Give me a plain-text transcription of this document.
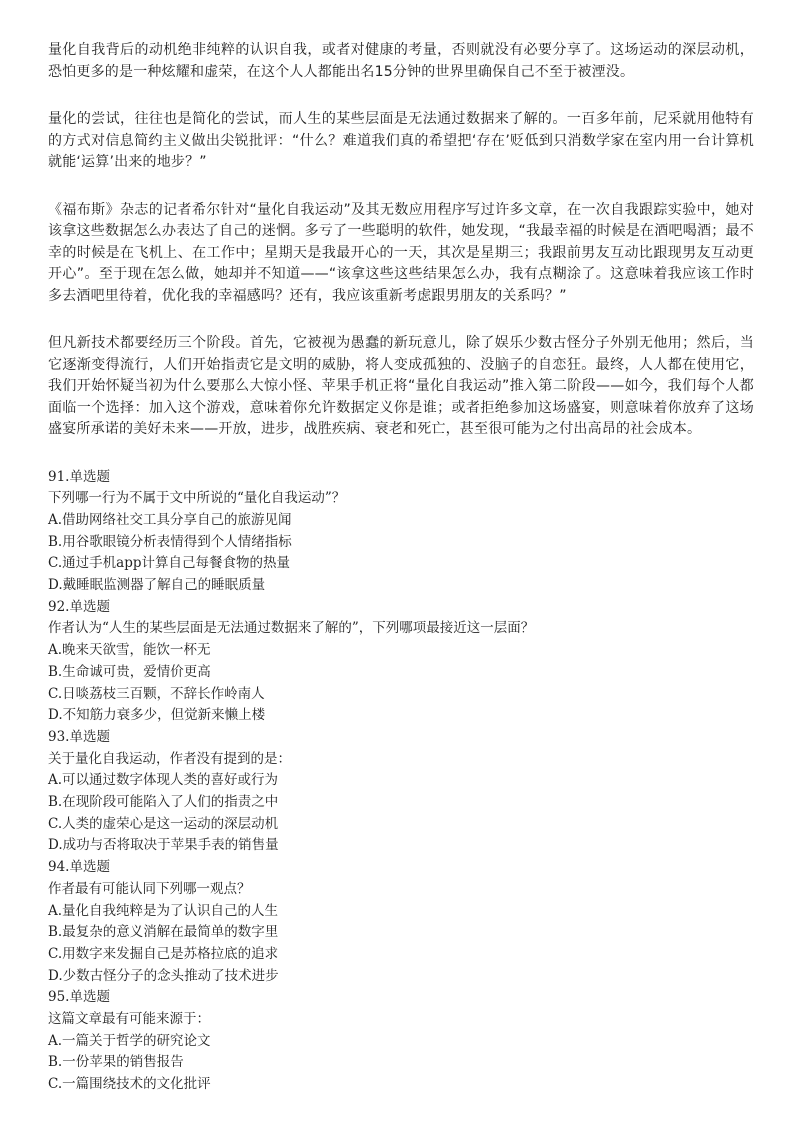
量化自我背后的动机绝非纯粹的认识自我，或者对健康的考量，否则就没有必要分享了。这场运动的深层动机，恐怕更多的是一种炫耀和虚荣，在这个人人都能出名15分钟的世界里确保自己不至于被湮没。

量化的尝试，往往也是简化的尝试，而人生的某些层面是无法通过数据来了解的。一百多年前，尼采就用他特有的方式对信息简约主义做出尖锐批评：“什么？难道我们真的希望把‘存在’贬低到只消数学家在室内用一台计算机就能‘运算’出来的地步？”

《福布斯》杂志的记者希尔针对“量化自我运动”及其无数应用程序写过许多文章，在一次自我跟踪实验中，她对该拿这些数据怎么办表达了自己的迷惘。多亏了一些聪明的软件，她发现，“我最幸福的时候是在酒吧喝酒；最不幸的时候是在飞机上、在工作中；星期天是我最开心的一天，其次是星期三；我跟前男友互动比跟现男友互动更开心”。至于现在怎么做，她却并不知道——“该拿这些这些结果怎么办，我有点糊涂了。这意味着我应该工作时多去酒吧里待着，优化我的幸福感吗？还有，我应该重新考虑跟男朋友的关系吗？”

但凡新技术都要经历三个阶段。首先，它被视为愚蠢的新玩意儿，除了娱乐少数古怪分子外别无他用；然后，当它逐渐变得流行，人们开始指责它是文明的威胁，将人变成孤独的、没脑子的自恋狂。最终，人人都在使用它，我们开始怀疑当初为什么要那么大惊小怪、苹果手机正将“量化自我运动”推入第二阶段——如今，我们每个人都面临一个选择：加入这个游戏，意味着你允许数据定义你是谁；或者拒绝参加这场盛宴，则意味着你放弃了这场盛宴所承诺的美好未来——开放，进步，战胜疾病、衰老和死亡，甚至很可能为之付出高昂的社会成本。

91.单选题

下列哪一行为不属于文中所说的“量化自我运动”？

A.借助网络社交工具分享自己的旅游见闻

B.用谷歌眼镜分析表情得到个人情绪指标

C.通过手机app计算自己每餐食物的热量

D.戴睡眠监测器了解自己的睡眠质量

92.单选题

作者认为“人生的某些层面是无法通过数据来了解的”，下列哪项最接近这一层面？

A.晚来天欲雪，能饮一杯无

B.生命诚可贵，爱情价更高

C.日啖荔枝三百颗，不辞长作岭南人

D.不知筋力衰多少，但觉新来懒上楼

93.单选题

关于量化自我运动，作者没有提到的是：

A.可以通过数字体现人类的喜好或行为

B.在现阶段可能陷入了人们的指责之中

C.人类的虚荣心是这一运动的深层动机

D.成功与否将取决于苹果手表的销售量

94.单选题

作者最有可能认同下列哪一观点？

A.量化自我纯粹是为了认识自己的人生

B.最复杂的意义消解在最简单的数字里

C.用数字来发掘自己是苏格拉底的追求

D.少数古怪分子的念头推动了技术进步

95.单选题

这篇文章最有可能来源于：

A.一篇关于哲学的研究论文

B.一份苹果的销售报告

C.一篇围绕技术的文化批评
